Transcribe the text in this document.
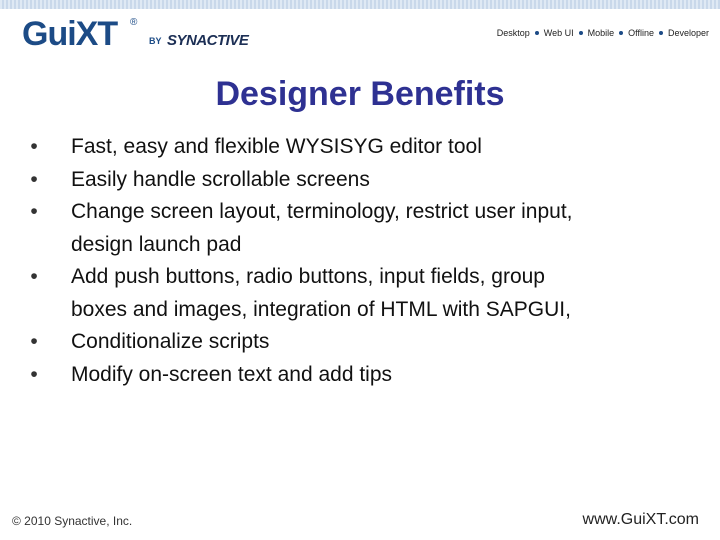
GuiXT ®
BY SYNACTIVE	Desktop Web UI Mobile Offline Developer
Designer Benefits
•	Fast, easy and flexible WYSISYG editor tool
•	Easily handle scrollable screens
•	Change screen layout, terminology, restrict user input,
design launch pad
•	Add push buttons, radio buttons, input fields, group
boxes and images, integration of HTML with SAPGUI,
•	Conditionalize scripts
•	Modify on-screen text and add tips
© 2010 Synactive, Inc.	www.GuiXT.com
